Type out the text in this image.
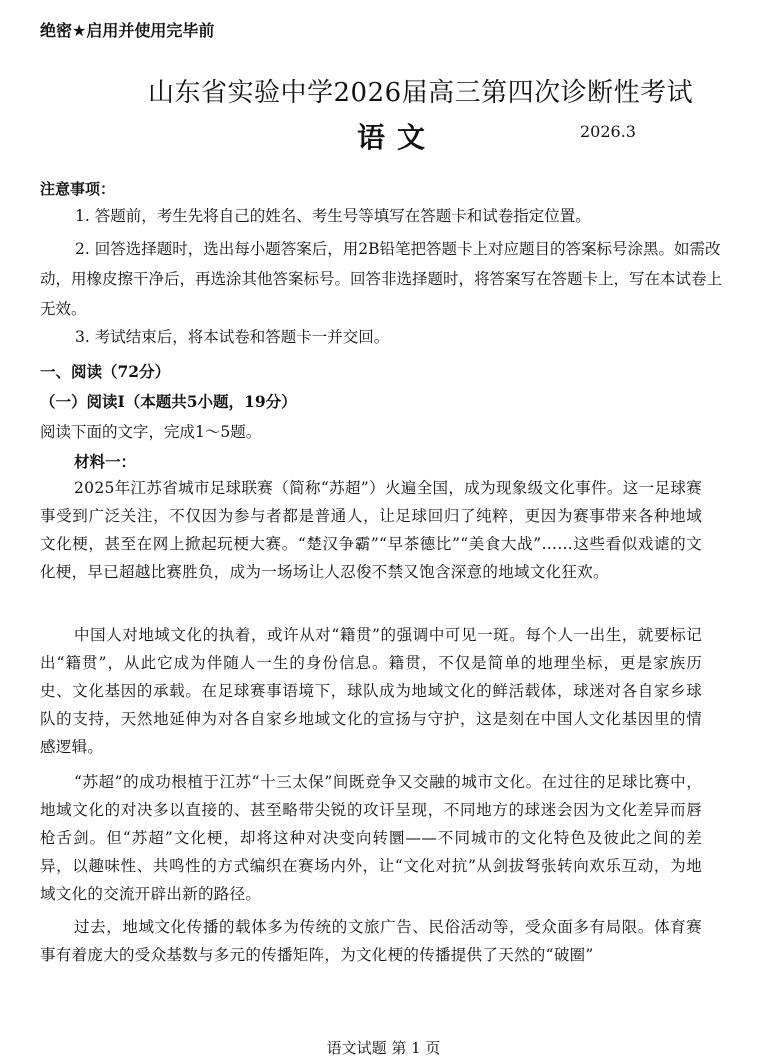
绝密★启用并使用完毕前
山东省实验中学2026届高三第四次诊断性考试
语文	2026.3
注意事项：
1. 答题前，考生先将自己的姓名、考生号等填写在答题卡和试卷指定位置。
2. 回答选择题时，选出每小题答案后，用2B铅笔把答题卡上对应题目的答案标号涂黑。如需改动，用橡皮擦干净后，再选涂其他答案标号。回答非选择题时，将答案写在答题卡上，写在本试卷上无效。
3. 考试结束后，将本试卷和答题卡一并交回。
一、阅读（72分）
（一）阅读Ⅰ（本题共5小题，19分）
阅读下面的文字，完成1～5题。
材料一：
2025年江苏省城市足球联赛（简称“苏超”）火遍全国，成为现象级文化事件。这一足球赛事受到广泛关注，不仅因为参与者都是普通人，让足球回归了纯粹，更因为赛事带来各种地域文化梗，甚至在网上掀起玩梗大赛。“楚汉争霸”“早茶德比”“美食大战”……这些看似戏谑的文化梗，早已超越比赛胜负，成为一场场让人忍俊不禁又饱含深意的地域文化狂欢。
中国人对地域文化的执着，或许从对“籍贯”的强调中可见一斑。每个人一出生，就要标记出“籍贯”，从此它成为伴随人一生的身份信息。籍贯，不仅是简单的地理坐标，更是家族历史、文化基因的承载。在足球赛事语境下，球队成为地域文化的鲜活载体，球迷对各自家乡球队的支持，天然地延伸为对各自家乡地域文化的宣扬与守护，这是刻在中国人文化基因里的情感逻辑。
“苏超”的成功根植于江苏“十三太保”间既竞争又交融的城市文化。在过往的足球比赛中，地域文化的对决多以直接的、甚至略带尖锐的攻讦呈现，不同地方的球迷会因为文化差异而唇枪舌剑。但“苏超”文化梗，却将这种对决变向转圜——不同城市的文化特色及彼此之间的差异，以趣味性、共鸣性的方式编织在赛场内外，让“文化对抗”从剑拔弩张转向欢乐互动，为地域文化的交流开辟出新的路径。
过去，地域文化传播的载体多为传统的文旅广告、民俗活动等，受众面多有局限。体育赛事有着庞大的受众基数与多元的传播矩阵，为文化梗的传播提供了天然的“破圈”
语文试题 第 1 页
